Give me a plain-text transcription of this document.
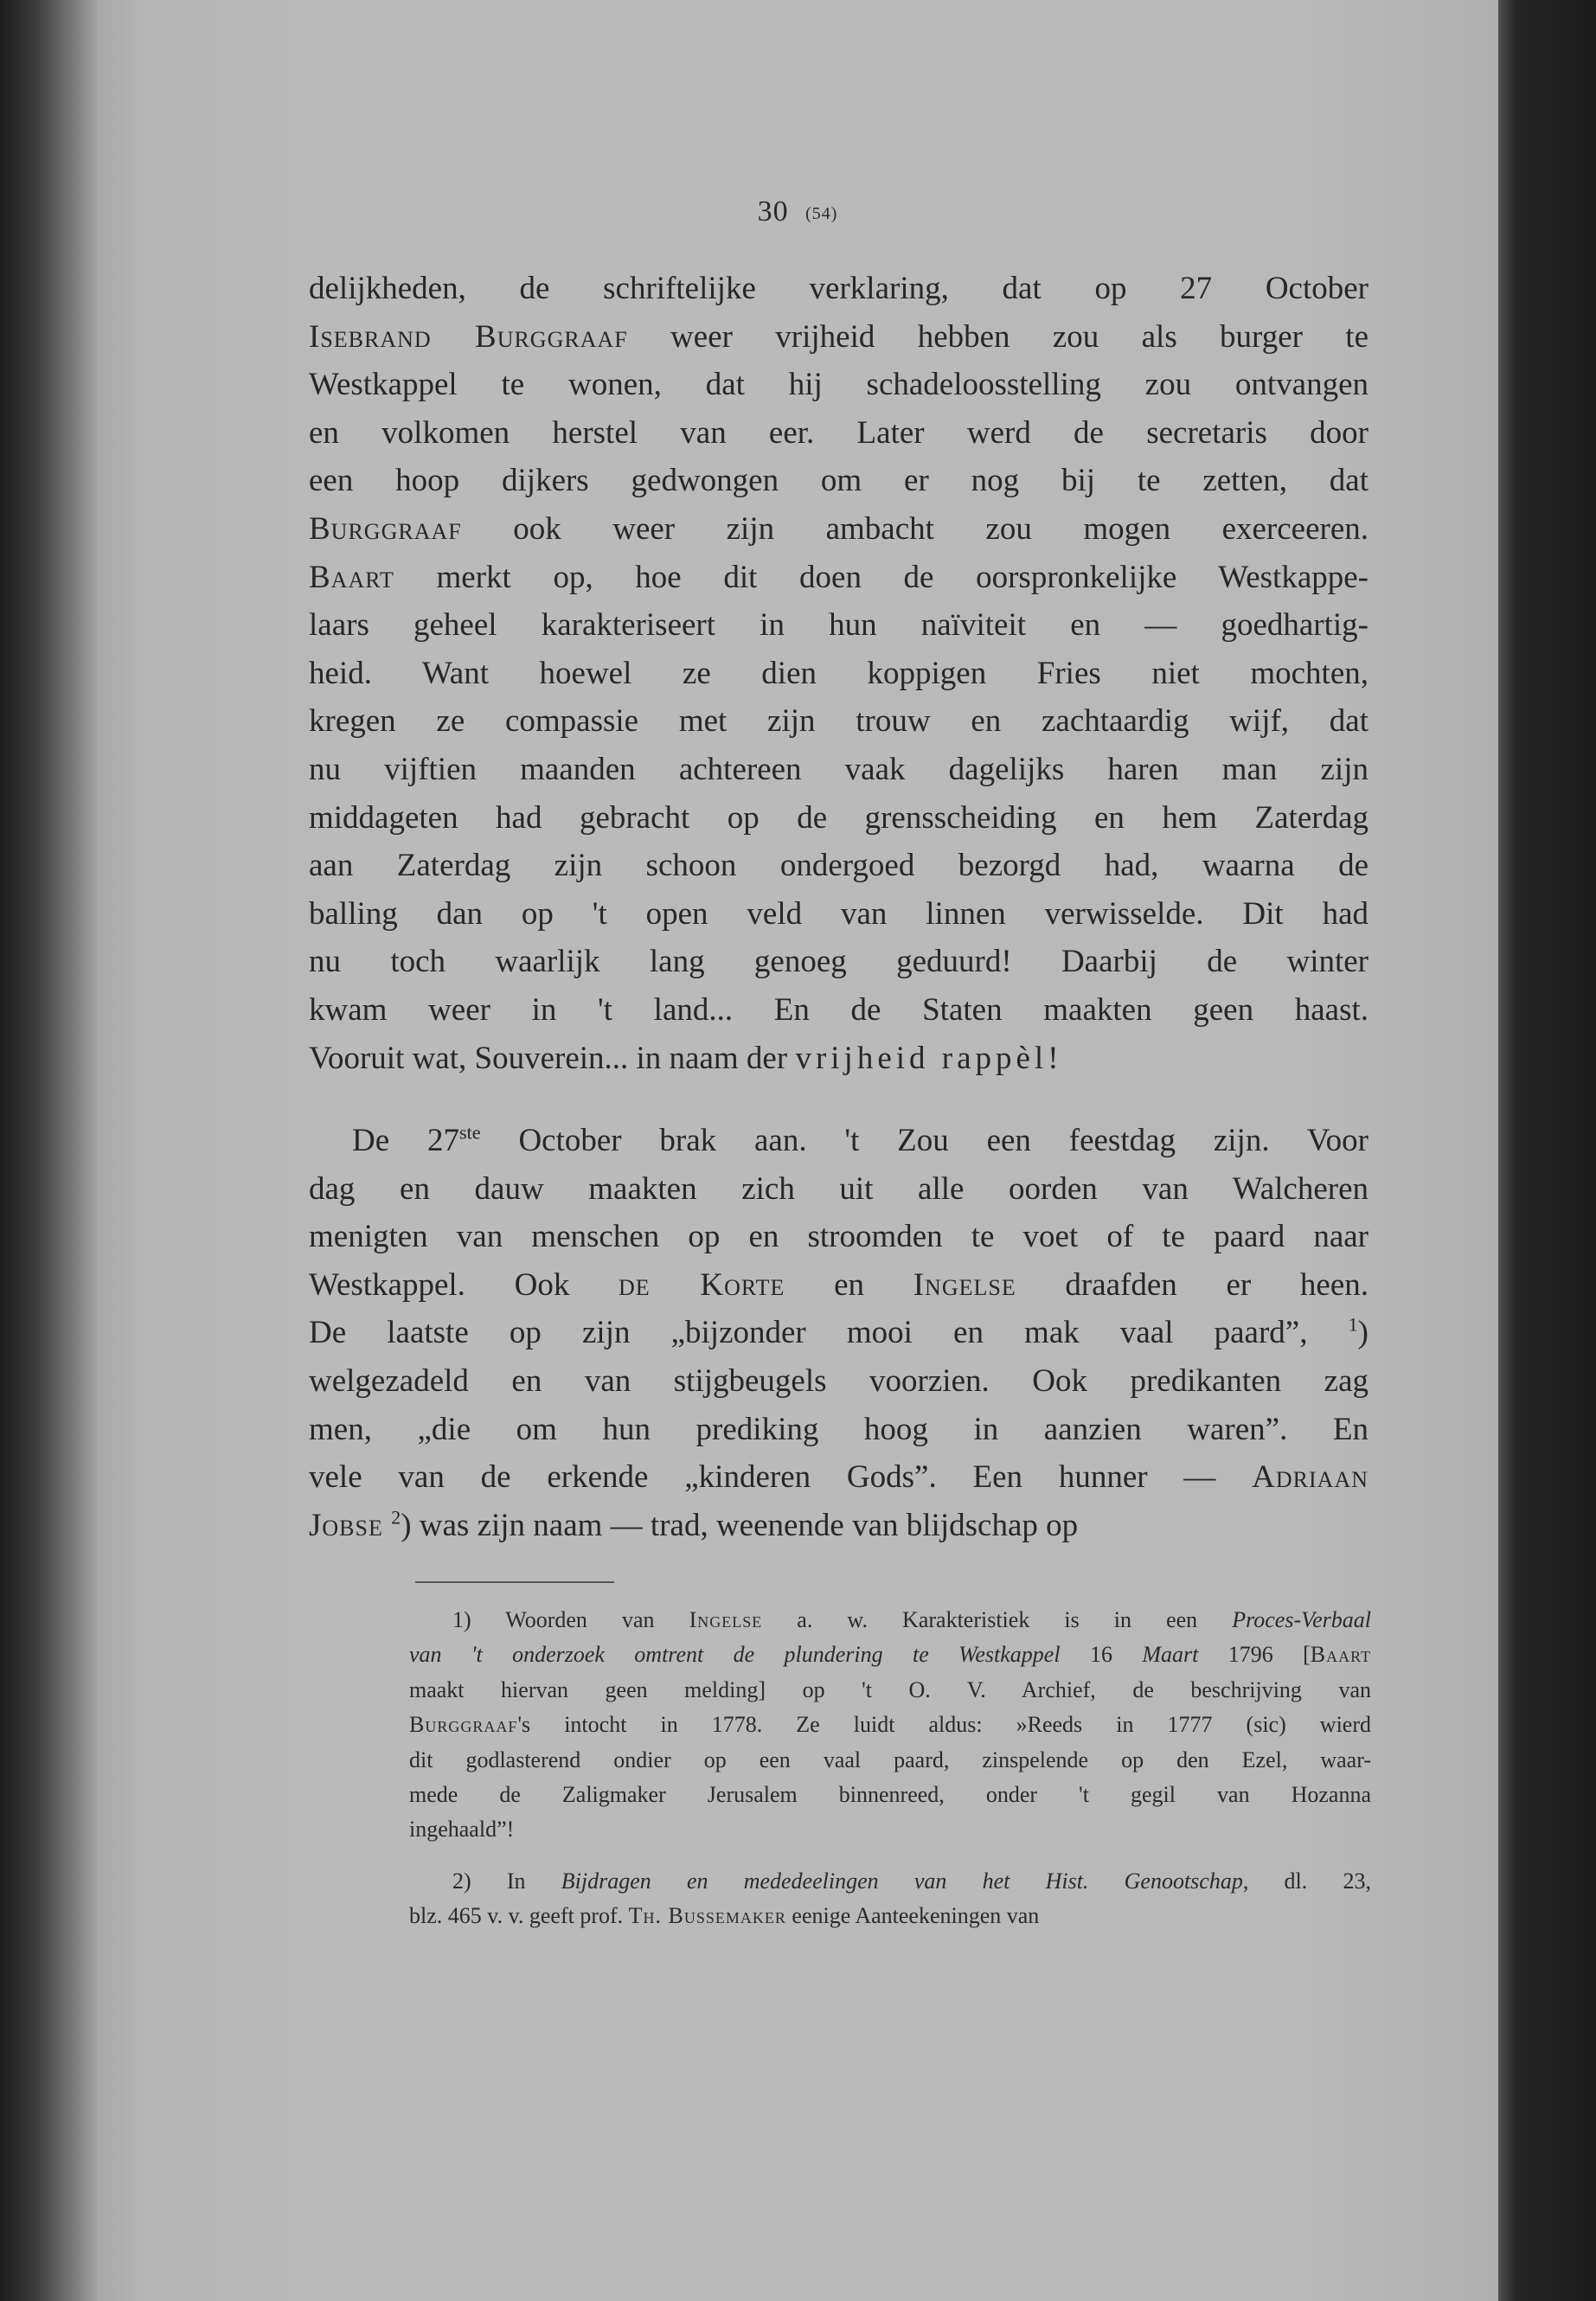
30 (54)
delijkheden, de schriftelijke verklaring, dat op 27 October
Isebrand Burggraaf weer vrijheid hebben zou als burger te
Westkappel te wonen, dat hij schadeloosstelling zou ontvangen
en volkomen herstel van eer. Later werd de secretaris door
een hoop dijkers gedwongen om er nog bij te zetten, dat
Burggraaf ook weer zijn ambacht zou mogen exerceeren.
Baart merkt op, hoe dit doen de oorspronkelijke Westkappe-
laars geheel karakteriseert in hun naïviteit en — goedhartig-
heid. Want hoewel ze dien koppigen Fries niet mochten,
kregen ze compassie met zijn trouw en zachtaardig wijf, dat
nu vijftien maanden achtereen vaak dagelijks haren man zijn
middageten had gebracht op de grensscheiding en hem Zaterdag
aan Zaterdag zijn schoon ondergoed bezorgd had, waarna de
balling dan op 't open veld van linnen verwisselde. Dit had
nu toch waarlijk lang genoeg geduurd! Daarbij de winter
kwam weer in 't land... En de Staten maakten geen haast.
Vooruit wat, Souverein... in naam der vrijheid rappèl!
De 27ste October brak aan. 't Zou een feestdag zijn. Voor
dag en dauw maakten zich uit alle oorden van Walcheren
menigten van menschen op en stroomden te voet of te paard naar
Westkappel. Ook de Korte en Ingelse draafden er heen.
De laatste op zijn „bijzonder mooi en mak vaal paard”, $^1$)
welgezadeld en van stijgbeugels voorzien. Ook predikanten zag
men, „die om hun prediking hoog in aanzien waren”. En
vele van de erkende „kinderen Gods”. Een hunner — Adriaan
Jobse $^2$) was zijn naam — trad, weenende van blijdschap op
1) Woorden van Ingelse a. w. Karakteristiek is in een Proces-Verbaal
van 't onderzoek omtrent de plundering te Westkappel 16 Maart 1796 [Baart
maakt hiervan geen melding] op 't O. V. Archief, de beschrijving van
Burggraaf's intocht in 1778. Ze luidt aldus: »Reeds in 1777 (sic) wierd
dit godlasterend ondier op een vaal paard, zinspelende op den Ezel, waar-
mede de Zaligmaker Jerusalem binnenreed, onder 't gegil van Hozanna
ingehaald”!
2) In Bijdragen en mededeelingen van het Hist. Genootschap, dl. 23,
blz. 465 v. v. geeft prof. Th. Bussemaker eenige Aanteekeningen van
